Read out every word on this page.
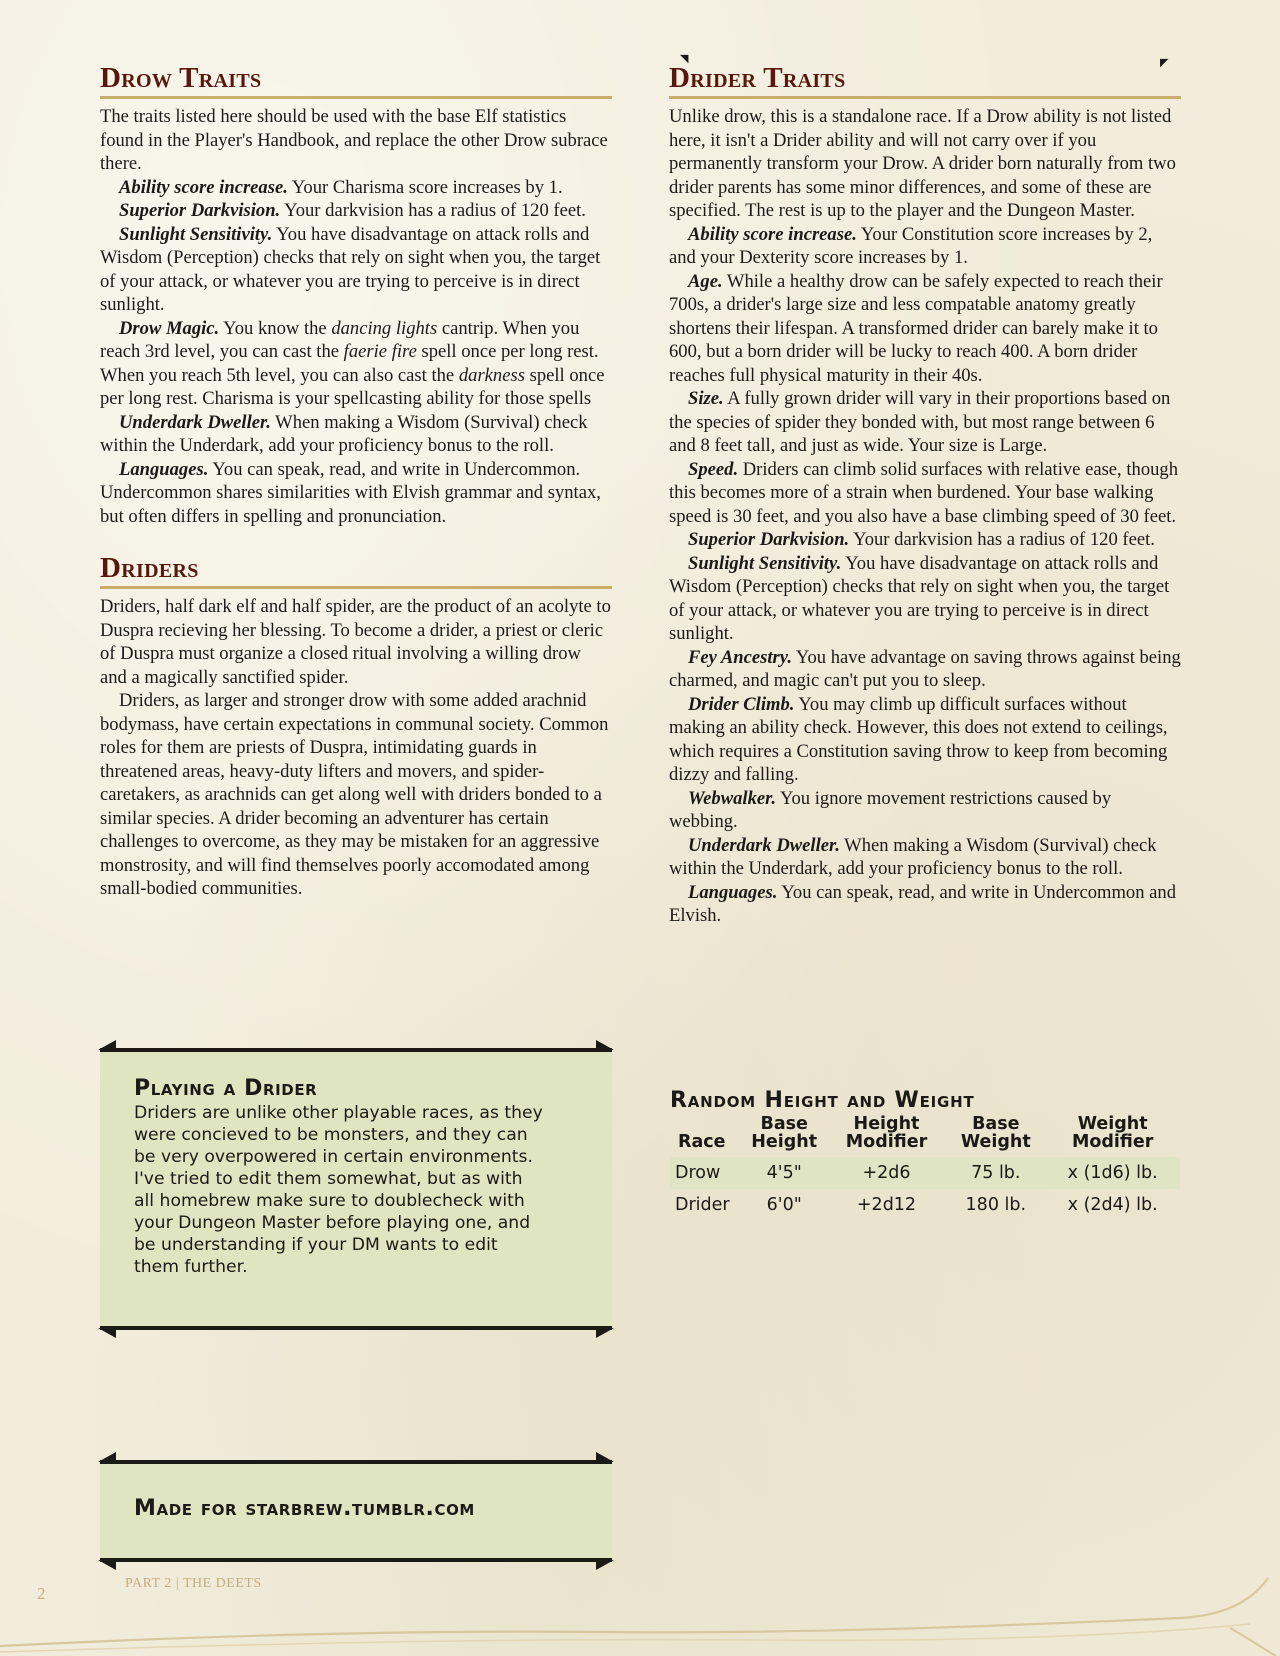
Drow Traits

The traits listed here should be used with the base Elf statistics found in the Player's Handbook, and replace the other Drow subrace there.

Ability score increase. Your Charisma score increases by 1.

Superior Darkvision. Your darkvision has a radius of 120 feet.

Sunlight Sensitivity. You have disadvantage on attack rolls and Wisdom (Perception) checks that rely on sight when you, the target of your attack, or whatever you are trying to perceive is in direct sunlight.

Drow Magic. You know the dancing lights cantrip. When you reach 3rd level, you can cast the faerie fire spell once per long rest. When you reach 5th level, you can also cast the darkness spell once per long rest. Charisma is your spellcasting ability for those spells

Underdark Dweller. When making a Wisdom (Survival) check within the Underdark, add your proficiency bonus to the roll.

Languages. You can speak, read, and write in Undercommon. Undercommon shares similarities with Elvish grammar and syntax, but often differs in spelling and pronunciation.

Driders

Driders, half dark elf and half spider, are the product of an acolyte to Duspra recieving her blessing. To become a drider, a priest or cleric of Duspra must organize a closed ritual involving a willing drow and a magically sanctified spider.

Driders, as larger and stronger drow with some added arachnid bodymass, have certain expectations in communal society. Common roles for them are priests of Duspra, intimidating guards in threatened areas, heavy-duty lifters and movers, and spider-caretakers, as arachnids can get along well with driders bonded to a similar species. A drider becoming an adventurer has certain challenges to overcome, as they may be mistaken for an aggressive monstrosity, and will find themselves poorly accomodated among small-bodied communities.

Playing a Drider

Driders are unlike other playable races, as they were concieved to be monsters, and they can be very overpowered in certain environments. I've tried to edit them somewhat, but as with all homebrew make sure to doublecheck with your Dungeon Master before playing one, and be understanding if your DM wants to edit them further.

Made for starbrew.tumblr.com
Drider Traits

Unlike drow, this is a standalone race. If a Drow ability is not listed here, it isn't a Drider ability and will not carry over if you permanently transform your Drow. A drider born naturally from two drider parents has some minor differences, and some of these are specified. The rest is up to the player and the Dungeon Master.

Ability score increase. Your Constitution score increases by 2, and your Dexterity score increases by 1.

Age. While a healthy drow can be safely expected to reach their 700s, a drider's large size and less compatable anatomy greatly shortens their lifespan. A transformed drider can barely make it to 600, but a born drider will be lucky to reach 400. A born drider reaches full physical maturity in their 40s.

Size. A fully grown drider will vary in their proportions based on the species of spider they bonded with, but most range between 6 and 8 feet tall, and just as wide. Your size is Large.

Speed. Driders can climb solid surfaces with relative ease, though this becomes more of a strain when burdened. Your base walking speed is 30 feet, and you also have a base climbing speed of 30 feet.

Superior Darkvision. Your darkvision has a radius of 120 feet.

Sunlight Sensitivity. You have disadvantage on attack rolls and Wisdom (Perception) checks that rely on sight when you, the target of your attack, or whatever you are trying to perceive is in direct sunlight.

Fey Ancestry. You have advantage on saving throws against being charmed, and magic can't put you to sleep.

Drider Climb. You may climb up difficult surfaces without making an ability check. However, this does not extend to ceilings, which requires a Constitution saving throw to keep from becoming dizzy and falling.

Webwalker. You ignore movement restrictions caused by webbing.

Underdark Dweller. When making a Wisdom (Survival) check within the Underdark, add your proficiency bonus to the roll.

Languages. You can speak, read, and write in Undercommon and Elvish.

Random Height and Weight
Race	Base Height	Height Modifier	Base Weight	Weight Modifier
Drow	4'5"	+2d6	75 lb.	x (1d6) lb.
Drider	6'0"	+2d12	180 lb.	x (2d4) lb.
◥	◤
PART 2 | THE DEETS
2
